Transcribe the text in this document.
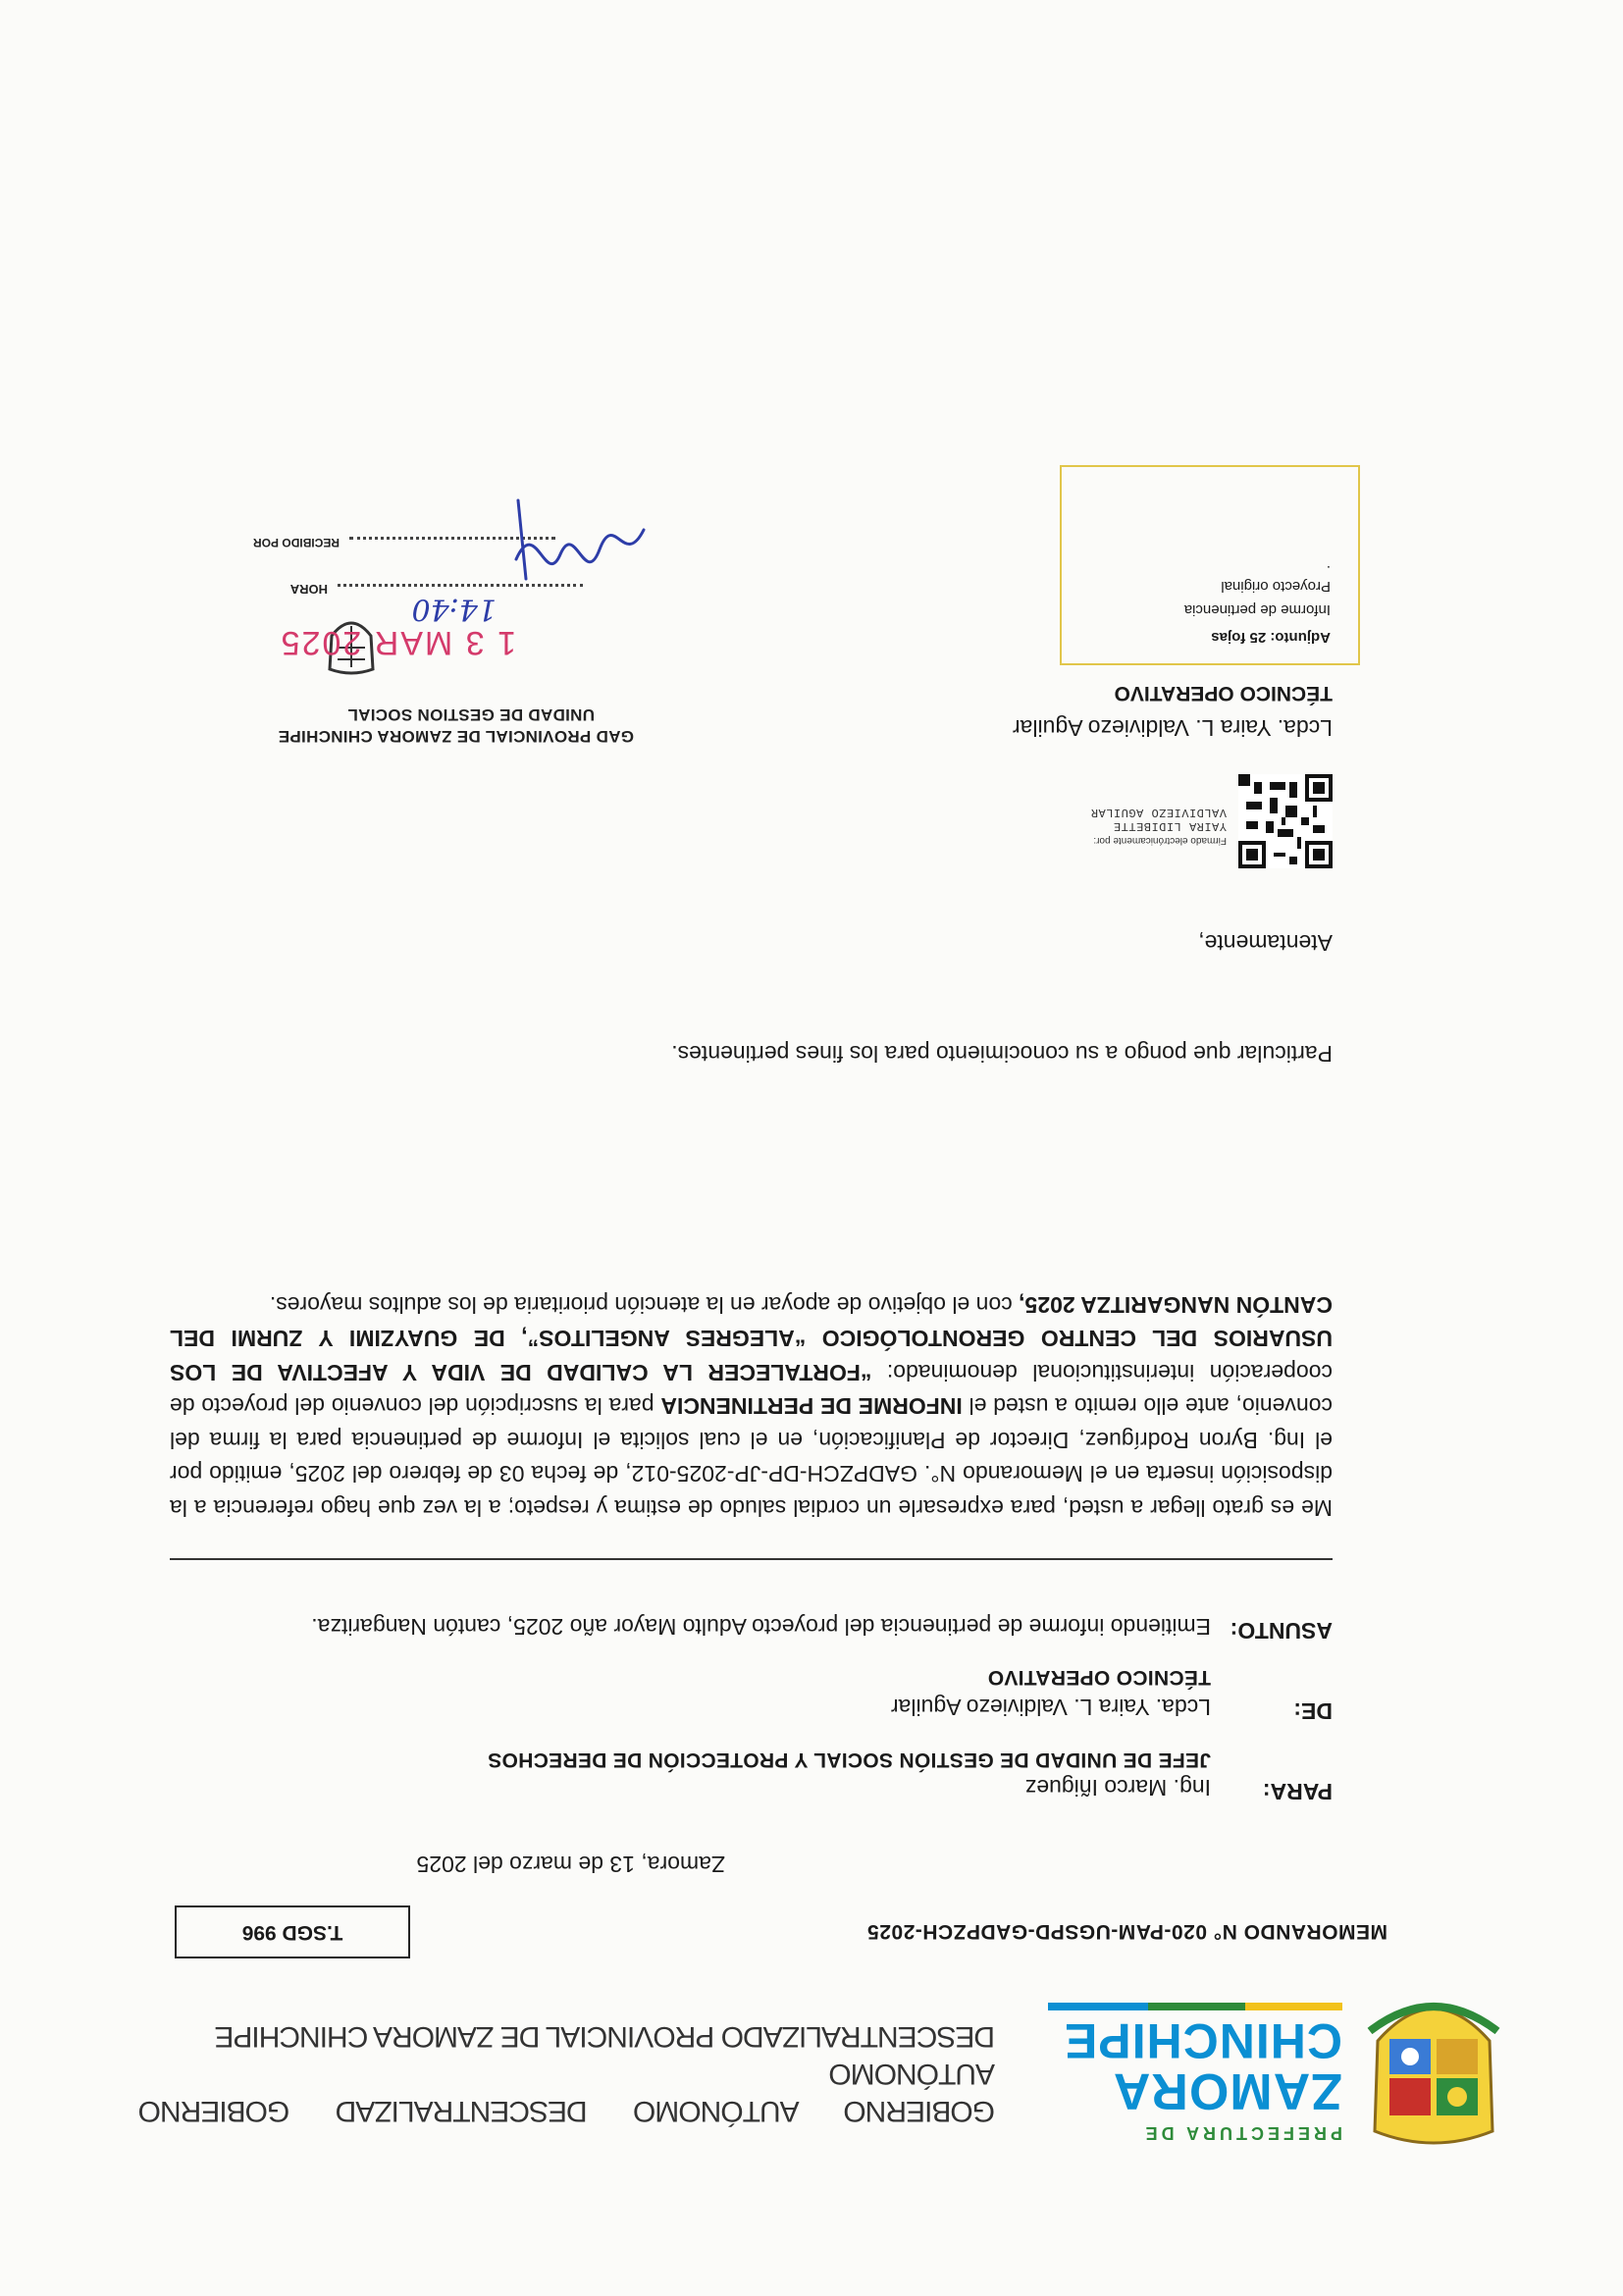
PREFECTURA DE
ZAMORA
CHINCHIPE
GOBIERNO AUTÓNOMO DESCENTRALIZAD GOBIERNO AUTÓNOMO
DESCENTRALIZADO PROVINCIAL DE ZAMORA CHINCHIPE
MEMORANDO N° 020-PAM-UGSPD-GADPZCH-2025
T.SGD 996
Zamora, 13 de marzo del 2025
PARA:
Ing. Marco Iñiguez
JEFE DE UNIDAD DE GESTIÓN SOCIAL Y PROTECCIÓN DE DERECHOS
DE:
Lcda. Yaira L. Valdiviezo Aguilar
TÉCNICO OPERATIVO
ASUNTO:
Emitiendo informe de pertinencia del proyecto Adulto Mayor año 2025, cantón Nangaritza.
Me es grato llegar a usted, para expresarle un cordial saludo de estima y respeto; a la vez que hago referencia a la disposición inserta en el Memorando N°. GADPZCH-DP-JP-2025-012, de fecha 03 de febrero del 2025, emitido por el Ing. Byron Rodríguez, Director de Planificación, en el cual solicita el Informe de pertinencia para la firma del convenio, ante ello remito a usted el INFORME DE PERTINENCIA para la suscripción del convenio del proyecto de cooperación interinstitucional denominado: “FORTALECER LA CALIDAD DE VIDA Y AFECTIVA DE LOS USUARIOS DEL CENTRO GERONTOLÓGICO “ALEGRES ANGELITOS”, DE GUAYZIMI Y ZURMI DEL CANTÓN NANGARITZA 2025, con el objetivo de apoyar en la atención prioritaria de los adultos mayores.
Particular que pongo a su conocimiento para los fines pertinentes.
Atentamente,
Firmado electrónicamente por:
YAIRA LIDIBETTE
VALDIVIEZO AGUILAR
Lcda. Yaira L. Valdiviezo Aguilar
TÉCNICO OPERATIVO
Adjunto: 25 fojas
Informe de pertinencia
Proyecto original
.
GAD PROVINCIAL DE ZAMORA CHINCHIPE
UNIDAD DE GESTION SOCIAL
1 3 MAR 2025
HORA
14:40
RECIBIDO POR
